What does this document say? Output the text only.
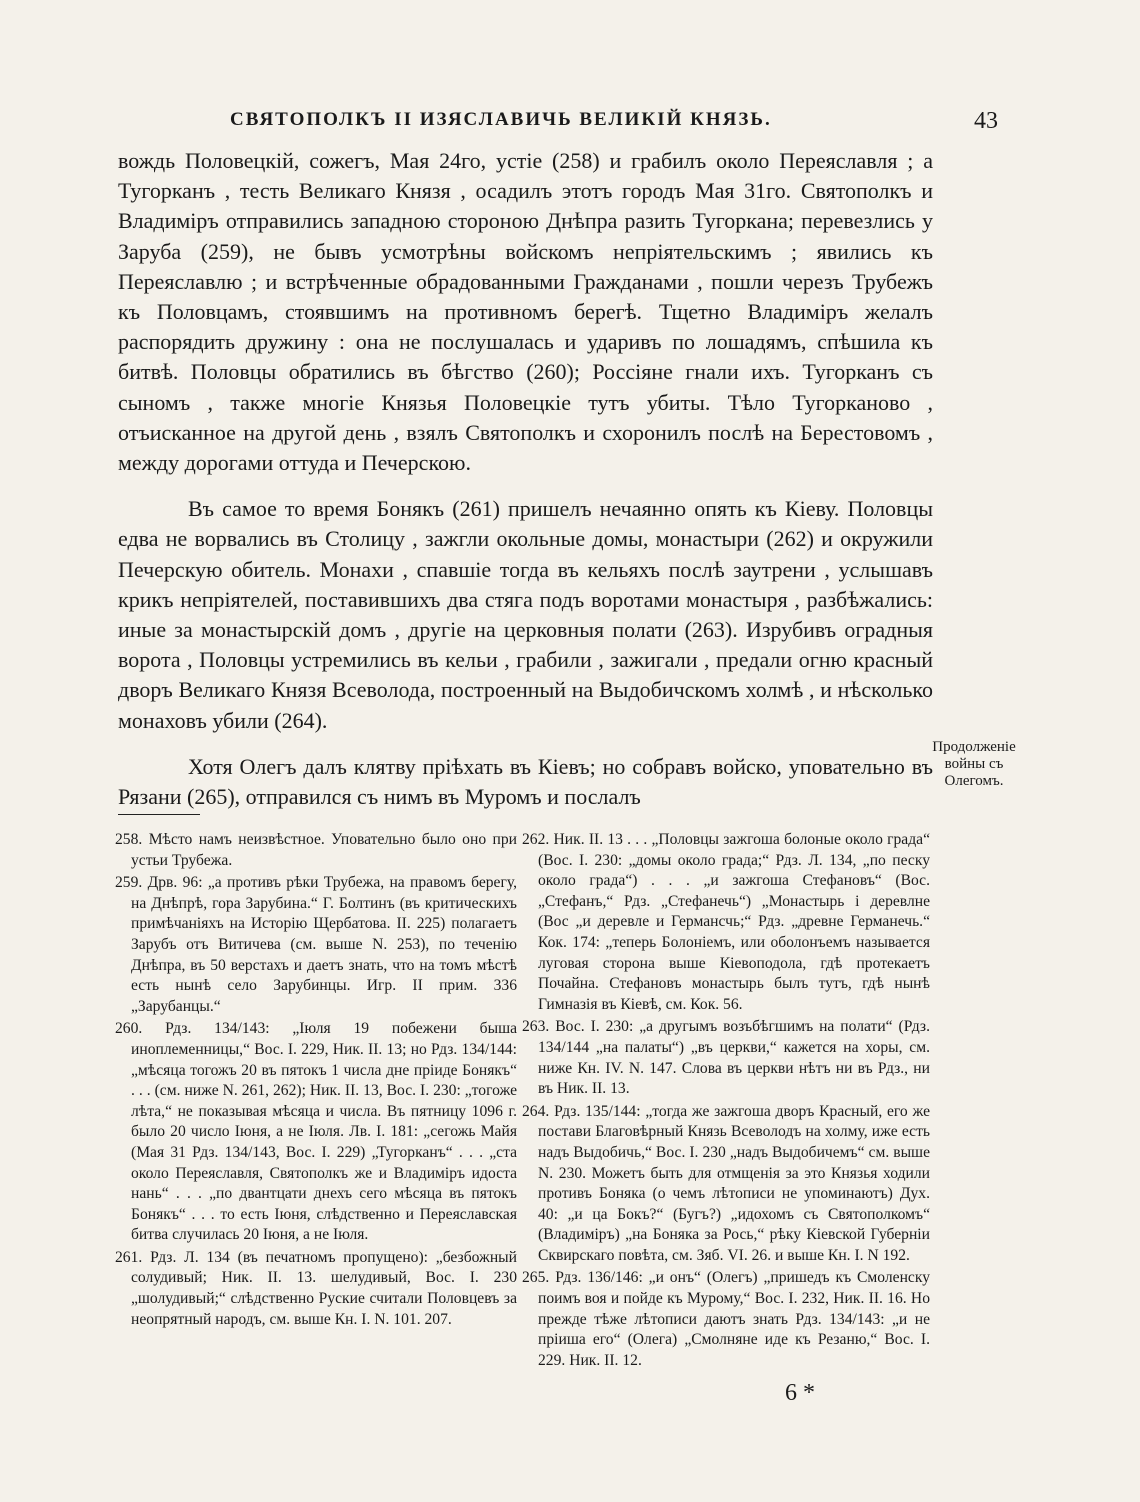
СВЯТОПОЛКЪ II ИЗЯСЛАВИЧЬ ВЕЛИКІЙ КНЯЗЬ.	43

вождь Половецкій, сожегъ, Мая 24го, устіе (258) и грабилъ около Переяславля ; а Тугорканъ , тесть Великаго Князя , осадилъ этотъ городъ Мая 31го. Святополкъ и Владиміръ отправились западною стороною Днѣпра разить Тугоркана; перевезлись у Заруба (259), не бывъ усмотрѣны войскомъ непріятельскимъ ; явились къ Переяславлю ; и встрѣченные обрадованными Гражданами , пошли черезъ Трубежъ къ Половцамъ, стоявшимъ на противномъ берегѣ. Тщетно Владиміръ желалъ распорядить дружину : она не послушалась и ударивъ по лошадямъ, спѣшила къ битвѣ. Половцы обратились въ бѣгство (260); Россіяне гнали ихъ. Тугорканъ съ сыномъ , также многіе Князья Половецкіе тутъ убиты. Тѣло Тугорканово , отъисканное на другой день , взялъ Святополкъ и схоронилъ послѣ на Берестовомъ , между дорогами оттуда и Печерскою.

Въ самое то время Бонякъ (261) пришелъ нечаянно опять къ Кіеву. Половцы едва не ворвались въ Столицу , зажгли окольные домы, монастыри (262) и окружили Печерскую обитель. Монахи , спавшіе тогда въ кельяхъ послѣ заутрени , услышавъ крикъ непріятелей, поставившихъ два стяга подъ воротами монастыря , разбѣжались: иные за монастырскій домъ , другіе на церковныя полати (263). Изрубивъ оградныя ворота , Половцы устремились въ кельи , грабили , зажигали , предали огню красный дворъ Великаго Князя Всеволода, построенный на Выдобичскомъ холмѣ , и нѣсколько монаховъ убили (264).

Хотя Олегъ далъ клятву пріѣхать въ Кіевъ; но собравъ войско, уповательно въ Рязани (265), отправился съ нимъ въ Муромъ и послалъ

Продолженіе войны съ Олегомъ.

258. Мѣсто намъ неизвѣстное. Уповательно было оно при устьи Трубежа.

259. Дрв. 96: „а противъ рѣки Трубежа, на правомъ берегу, на Днѣпрѣ, гора Зарубина.“ Г. Болтинъ (въ критическихъ примѣчаніяхъ на Исторію Щербатова. II. 225) полагаетъ Зарубъ отъ Витичева (см. выше N. 253), по теченію Днѣпра, въ 50 верстахъ и даетъ знать, что на томъ мѣстѣ есть нынѣ село Зарубинцы. Игр. II прим. 336 „Зарубанцы.“

260. Рдз. 134/143: „Іюля 19 побежени быша иноплеменницы,“ Вос. I. 229, Ник. II. 13; но Рдз. 134/144: „мѣсяца тогожъ 20 въ пятокъ 1 числа дне пріиде Бонякъ“ . . . (см. ниже N. 261, 262); Ник. II. 13, Вос. I. 230: „тогоже лѣта,“ не показывая мѣсяца и числа. Въ пятницу 1096 г. было 20 число Іюня, а не Іюля. Лв. I. 181: „сегожь Майя (Мая 31 Рдз. 134/143, Вос. I. 229) „Тугорканъ“ . . . „ста около Переяславля, Святополкъ же и Владиміръ идоста нань“ . . . „по двантцати днехъ сего мѣсяца въ пятокъ Бонякъ“ . . . то есть Іюня, слѣдственно и Переяславская битва случилась 20 Іюня, а не Іюля.

261. Рдз. Л. 134 (въ печатномъ пропущено): „безбожный солудивый; Ник. II. 13. шелудивый, Вос. I. 230 „шолудивый;“ слѣдственно Руские считали Половцевъ за неопрятный народъ, см. выше Кн. I. N. 101. 207.

262. Ник. II. 13 . . . „Половцы зажгоша болоные около града“ (Вос. I. 230: „домы около града;“ Рдз. Л. 134, „по песку около града“) . . . „и зажгоша Стефановъ“ (Вос. „Стефанъ,“ Рдз. „Стефанечь“) „Монастырь і деревлне (Вос „и деревле и Германсчь;“ Рдз. „древне Германечь.“ Кок. 174: „теперь Болоніемъ, или оболонъемъ называется луговая сторона выше Кіевоподола, гдѣ протекаетъ Почайна. Стефановъ монастырь былъ тутъ, гдѣ нынѣ Гимназія въ Кіевѣ, см. Кок. 56.

263. Вос. I. 230: „а другымъ возъбѣгшимъ на полати“ (Рдз. 134/144 „на палаты“) „въ церкви,“ кажется на хоры, см. ниже Кн. IV. N. 147. Слова въ церкви нѣтъ ни въ Рдз., ни въ Ник. II. 13.

264. Рдз. 135/144: „тогда же зажгоша дворъ Красный, его же постави Благовѣрный Князь Всеволодъ на холму, иже есть надъ Выдобичь,“ Вос. I. 230 „надъ Выдобичемъ“ см. выше N. 230. Можетъ быть для отмщенія за это Князья ходили противъ Боняка (о чемъ лѣтописи не упоминаютъ) Дух. 40: „и ца Бокъ?“ (Бугъ?) „идохомъ съ Святополкомъ“ (Владиміръ) „на Боняка за Рось,“ рѣку Кіевской Губерніи Сквирскаго повѣта, см. Зяб. VI. 26. и выше Кн. I. N 192.

265. Рдз. 136/146: „и онъ“ (Олегъ) „пришедъ къ Смоленску поимъ воя и пойде къ Мурому,“ Вос. I. 232, Ник. II. 16. Но прежде тѣже лѣтописи даютъ знать Рдз. 134/143: „и не пріиша его“ (Олега) „Смолняне иде къ Резаню,“ Вос. I. 229. Ник. II. 12.

6 *
